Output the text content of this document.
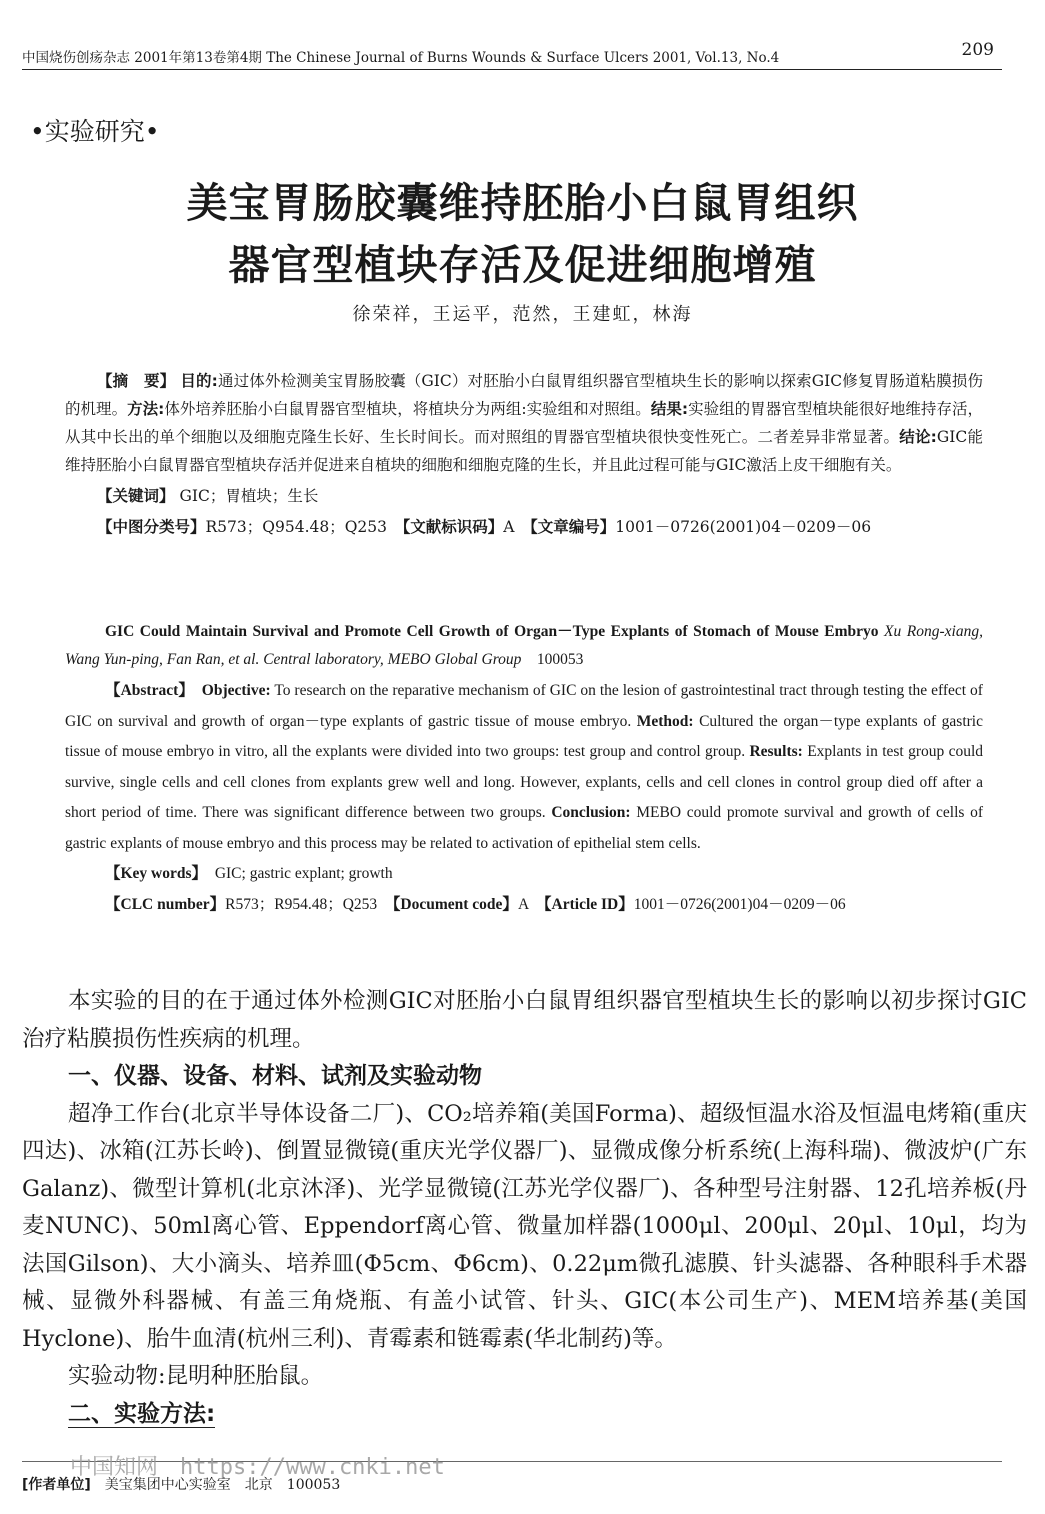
中国烧伤创疡杂志 2001年第13卷第4期 The Chinese Journal of Burns Wounds & Surface Ulcers 2001, Vol.13, No.4	209
•实验研究•
美宝胃肠胶囊维持胚胎小白鼠胃组织
器官型植块存活及促进细胞增殖
徐荣祥，王运平，范然，王建虹，林海

【摘　要】 目的:通过体外检测美宝胃肠胶囊（GIC）对胚胎小白鼠胃组织器官型植块生长的影响以探索GIC修复胃肠道粘膜损伤的机理。方法:体外培养胚胎小白鼠胃器官型植块，将植块分为两组:实验组和对照组。结果:实验组的胃器官型植块能很好地维持存活，从其中长出的单个细胞以及细胞克隆生长好、生长时间长。而对照组的胃器官型植块很快变性死亡。二者差异非常显著。结论:GIC能维持胚胎小白鼠胃器官型植块存活并促进来自植块的细胞和细胞克隆的生长，并且此过程可能与GIC激活上皮干细胞有关。

【关键词】 GIC；胃植块；生长

【中图分类号】R573；Q954.48；Q253　 【文献标识码】A　 【文章编号】1001－0726(2001)04－0209－06

GIC Could Maintain Survival and Promote Cell Growth of Organ－Type Explants of Stomach of Mouse Embryo Xu Rong-xiang, Wang Yun-ping, Fan Ran, et al. Central laboratory, MEBO Global Group　 100053

【Abstract】　 Objective: To research on the reparative mechanism of GIC on the lesion of gastrointestinal tract through testing the effect of GIC on survival and growth of organ－type explants of gastric tissue of mouse embryo. Method: Cultured the organ－type explants of gastric tissue of mouse embryo in vitro, all the explants were divided into two groups: test group and control group. Results: Explants in test group could survive, single cells and cell clones from explants grew well and long. However, explants, cells and cell clones in control group died off after a short period of time. There was significant difference between two groups. Conclusion: MEBO could promote survival and growth of cells of gastric explants of mouse embryo and this process may be related to activation of epithelial stem cells.

【Key words】　 GIC; gastric explant; growth

【CLC number】R573；R954.48；Q253　 【Document code】A　 【Article ID】1001－0726(2001)04－0209－06

本实验的目的在于通过体外检测GIC对胚胎小白鼠胃组织器官型植块生长的影响以初步探讨GIC治疗粘膜损伤性疾病的机理。

一、仪器、设备、材料、试剂及实验动物

超净工作台(北京半导体设备二厂)、CO₂培养箱(美国Forma)、超级恒温水浴及恒温电烤箱(重庆四达)、冰箱(江苏长岭)、倒置显微镜(重庆光学仪器厂)、显微成像分析系统(上海科瑞)、微波炉(广东Galanz)、微型计算机(北京沐泽)、光学显微镜(江苏光学仪器厂)、各种型号注射器、12孔培养板(丹麦NUNC)、50ml离心管、Eppendorf离心管、微量加样器(1000μl、200μl、20μl、10μl，均为法国Gilson)、大小滴头、培养皿(Φ5cm、Φ6cm)、0.22μm微孔滤膜、针头滤器、各种眼科手术器械、显微外科器械、有盖三角烧瓶、有盖小试管、针头、GIC(本公司生产)、MEM培养基(美国Hyclone)、胎牛血清(杭州三利)、青霉素和链霉素(华北制药)等。

实验动物:昆明种胚胎鼠。

二、实验方法:
[作者单位]　 美宝集团中心实验室　北京　100053
中国知网　https://www.cnki.net
